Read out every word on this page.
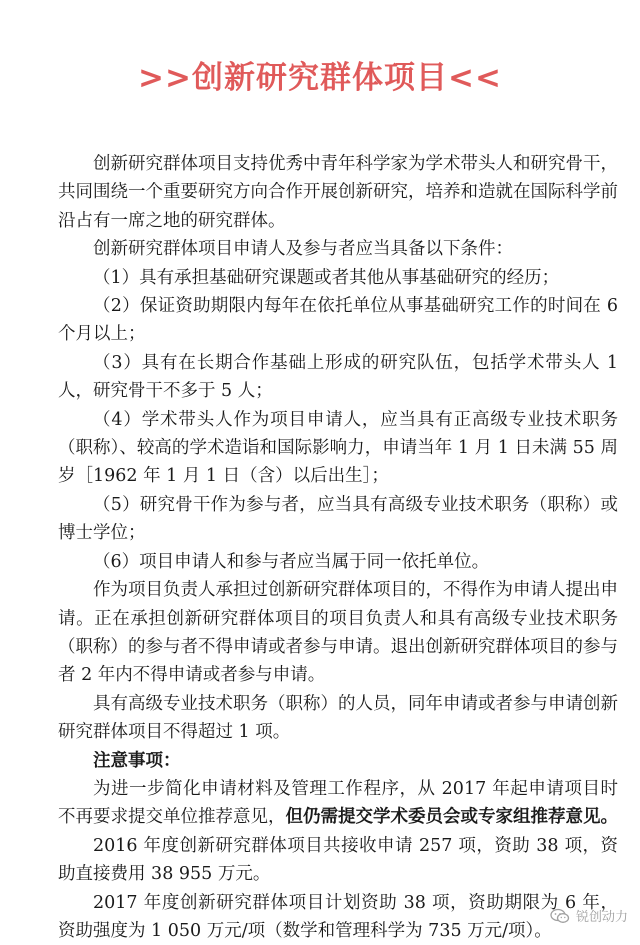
>>创新研究群体项目<<

创新研究群体项目支持优秀中青年科学家为学术带头人和研究骨干，共同围绕一个重要研究方向合作开展创新研究，培养和造就在国际科学前沿占有一席之地的研究群体。

创新研究群体项目申请人及参与者应当具备以下条件：

（1）具有承担基础研究课题或者其他从事基础研究的经历；

（2）保证资助期限内每年在依托单位从事基础研究工作的时间在 6 个月以上；

（3）具有在长期合作基础上形成的研究队伍，包括学术带头人 1 人，研究骨干不多于 5 人；

（4）学术带头人作为项目申请人，应当具有正高级专业技术职务（职称）、较高的学术造诣和国际影响力，申请当年 1 月 1 日未满 55 周岁［1962 年 1 月 1 日（含）以后出生］；

（5）研究骨干作为参与者，应当具有高级专业技术职务（职称）或博士学位；

（6）项目申请人和参与者应当属于同一依托单位。

作为项目负责人承担过创新研究群体项目的，不得作为申请人提出申请。正在承担创新研究群体项目的项目负责人和具有高级专业技术职务（职称）的参与者不得申请或者参与申请。退出创新研究群体项目的参与者 2 年内不得申请或者参与申请。

具有高级专业技术职务（职称）的人员，同年申请或者参与申请创新研究群体项目不得超过 1 项。

注意事项：

为进一步简化申请材料及管理工作程序，从 2017 年起申请项目时不再要求提交单位推荐意见，但仍需提交学术委员会或专家组推荐意见。

2016 年度创新研究群体项目共接收申请 257 项，资助 38 项，资助直接费用 38 955 万元。

2017 年度创新研究群体项目计划资助 38 项，资助期限为 6 年，资助强度为 1 050 万元/项（数学和管理科学为 735 万元/项）。

锐创动力
